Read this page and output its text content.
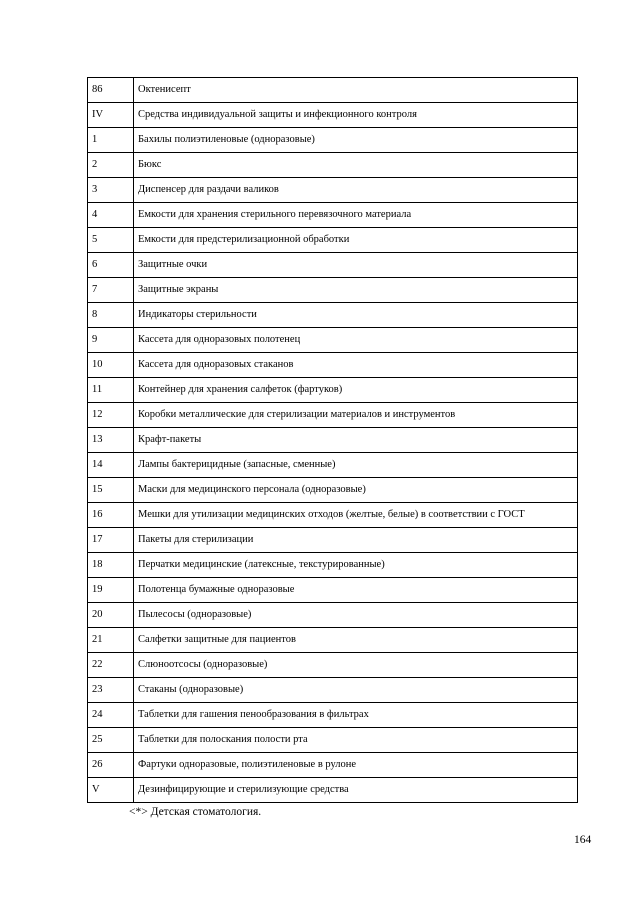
86	Октенисепт
IV	Средства индивидуальной защиты и инфекционного контроля
1	Бахилы полиэтиленовые (одноразовые)
2	Бюкс
3	Диспенсер для раздачи валиков
4	Емкости для хранения стерильного перевязочного материала
5	Емкости для предстерилизационной обработки
6	Защитные очки
7	Защитные экраны
8	Индикаторы стерильности
9	Кассета для одноразовых полотенец
10	Кассета для одноразовых стаканов
11	Контейнер для хранения салфеток (фартуков)
12	Коробки металлические для стерилизации материалов и инструментов
13	Крафт-пакеты
14	Лампы бактерицидные (запасные, сменные)
15	Маски для медицинского персонала (одноразовые)
16	Мешки для утилизации медицинских отходов (желтые, белые) в соответствии с ГОСТ
17	Пакеты для стерилизации
18	Перчатки медицинские (латексные, текстурированные)
19	Полотенца бумажные одноразовые
20	Пылесосы (одноразовые)
21	Салфетки защитные для пациентов
22	Слюноотсосы (одноразовые)
23	Стаканы (одноразовые)
24	Таблетки для гашения пенообразования в фильтрах
25	Таблетки для полоскания полости рта
26	Фартуки одноразовые, полиэтиленовые в рулоне
V	Дезинфицирующие и стерилизующие средства
<*> Детская стоматология.
164
